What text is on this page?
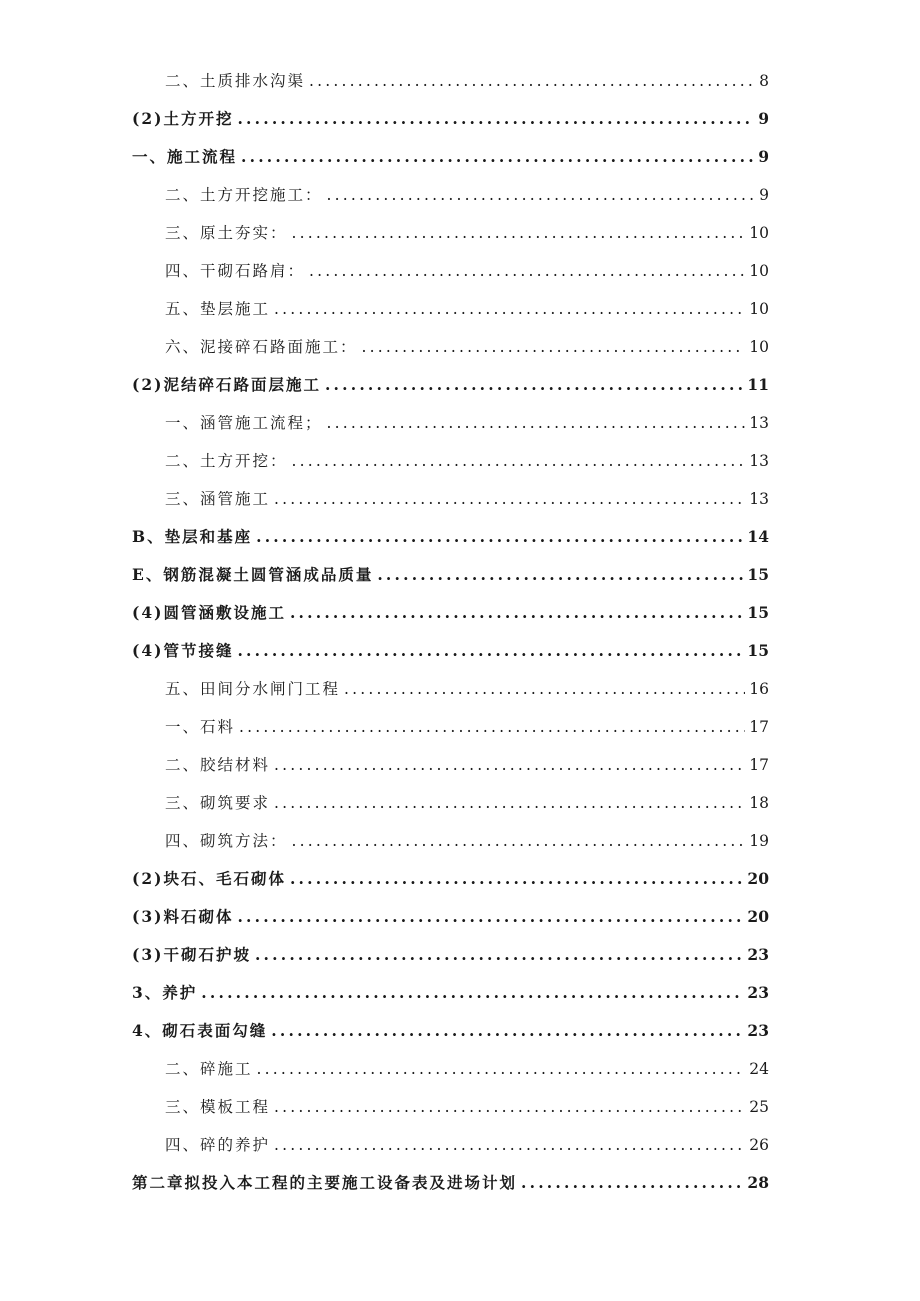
二、土质排水沟渠 .....	8
(2)土方开挖 .....	9
一、施工流程 .....	9
二、土方开挖施工： .....	9
三、原土夯实： .....	10
四、干砌石路肩： .....	10
五、垫层施工 .....	10
六、泥接碎石路面施工： .....	10
(2)泥结碎石路面层施工 .....	11
一、涵管施工流程； .....	13
二、土方开挖： .....	13
三、涵管施工 .....	13
B、垫层和基座 .....	14
E、钢筋混凝土圆管涵成品质量 .....	15
(4)圆管涵敷设施工 .....	15
(4)管节接缝 .....	15
五、田间分水闸门工程 .....	16
一、石料 .....	17
二、胶结材料 .....	17
三、砌筑要求 .....	18
四、砌筑方法： .....	19
(2)块石、毛石砌体 .....	20
(3)料石砌体 .....	20
(3)干砌石护坡 .....	23
3、养护 .....	23
4、砌石表面勾缝 .....	23
二、碎施工 .....	24
三、模板工程 .....	25
四、碎的养护 .....	26
第二章拟投入本工程的主要施工设备表及进场计划 .....	28
